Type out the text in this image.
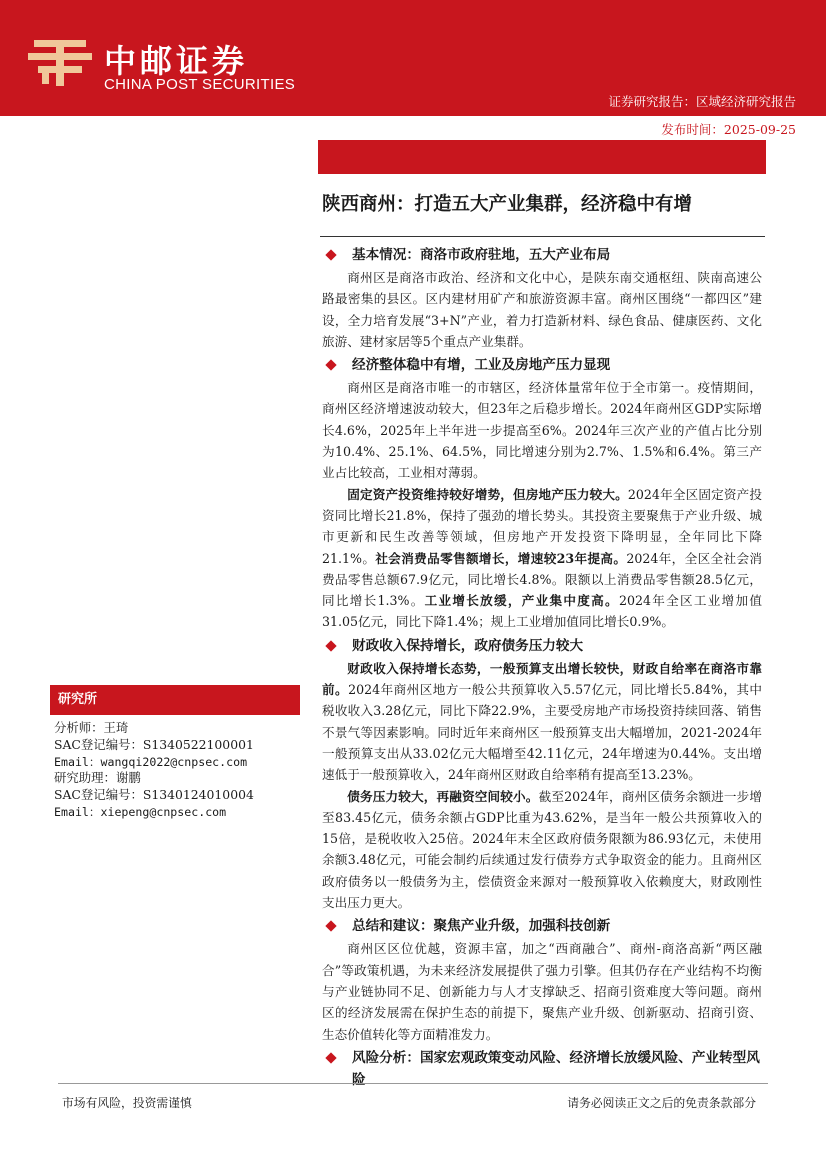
中邮证券
CHINA POST SECURITIES
证券研究报告：区域经济研究报告
发布时间：2025-09-25
陕西商州：打造五大产业集群，经济稳中有增
基本情况：商洛市政府驻地，五大产业布局

商州区是商洛市政治、经济和文化中心，是陕东南交通枢纽、陕南高速公路最密集的县区。区内建材用矿产和旅游资源丰富。商州区围绕“一都四区”建设，全力培育发展“3+N”产业，着力打造新材料、绿色食品、健康医药、文化旅游、建材家居等5个重点产业集群。

经济整体稳中有增，工业及房地产压力显现

商州区是商洛市唯一的市辖区，经济体量常年位于全市第一。疫情期间，商州区经济增速波动较大，但23年之后稳步增长。2024年商州区GDP实际增长4.6%，2025年上半年进一步提高至6%。2024年三次产业的产值占比分别为10.4%、25.1%、64.5%，同比增速分别为2.7%、1.5%和6.4%。第三产业占比较高，工业相对薄弱。

固定资产投资维持较好增势，但房地产压力较大。2024年全区固定资产投资同比增长21.8%，保持了强劲的增长势头。其投资主要聚焦于产业升级、城市更新和民生改善等领域，但房地产开发投资下降明显，全年同比下降21.1%。社会消费品零售额增长，增速较23年提高。2024年，全区全社会消费品零售总额67.9亿元，同比增长4.8%。限额以上消费品零售额28.5亿元，同比增长1.3%。工业增长放缓，产业集中度高。2024年全区工业增加值31.05亿元，同比下降1.4%；规上工业增加值同比增长0.9%。

财政收入保持增长，政府债务压力较大

财政收入保持增长态势，一般预算支出增长较快，财政自给率在商洛市靠前。2024年商州区地方一般公共预算收入5.57亿元，同比增长5.84%，其中税收收入3.28亿元，同比下降22.9%，主要受房地产市场投资持续回落、销售不景气等因素影响。同时近年来商州区一般预算支出大幅增加，2021-2024年一般预算支出从33.02亿元大幅增至42.11亿元，24年增速为0.44%。支出增速低于一般预算收入，24年商州区财政自给率稍有提高至13.23%。

债务压力较大，再融资空间较小。截至2024年，商州区债务余额进一步增至83.45亿元，债务余额占GDP比重为43.62%，是当年一般公共预算收入的15倍，是税收收入25倍。2024年末全区政府债务限额为86.93亿元，未使用余额3.48亿元，可能会制约后续通过发行债券方式争取资金的能力。且商州区政府债务以一般债务为主，偿债资金来源对一般预算收入依赖度大，财政刚性支出压力更大。

总结和建议：聚焦产业升级，加强科技创新

商州区区位优越，资源丰富，加之“西商融合”、商州-商洛高新“两区融合”等政策机遇，为未来经济发展提供了强力引擎。但其仍存在产业结构不均衡与产业链协同不足、创新能力与人才支撑缺乏、招商引资难度大等问题。商州区的经济发展需在保护生态的前提下，聚焦产业升级、创新驱动、招商引资、生态价值转化等方面精准发力。

风险分析：国家宏观政策变动风险、经济增长放缓风险、产业转型风险
研究所
分析师：王琦
SAC登记编号：S1340522100001
Email：wangqi2022@cnpsec.com
研究助理：谢鹏
SAC登记编号：S1340124010004
Email：xiepeng@cnpsec.com
市场有风险，投资需谨慎	请务必阅读正文之后的免责条款部分
